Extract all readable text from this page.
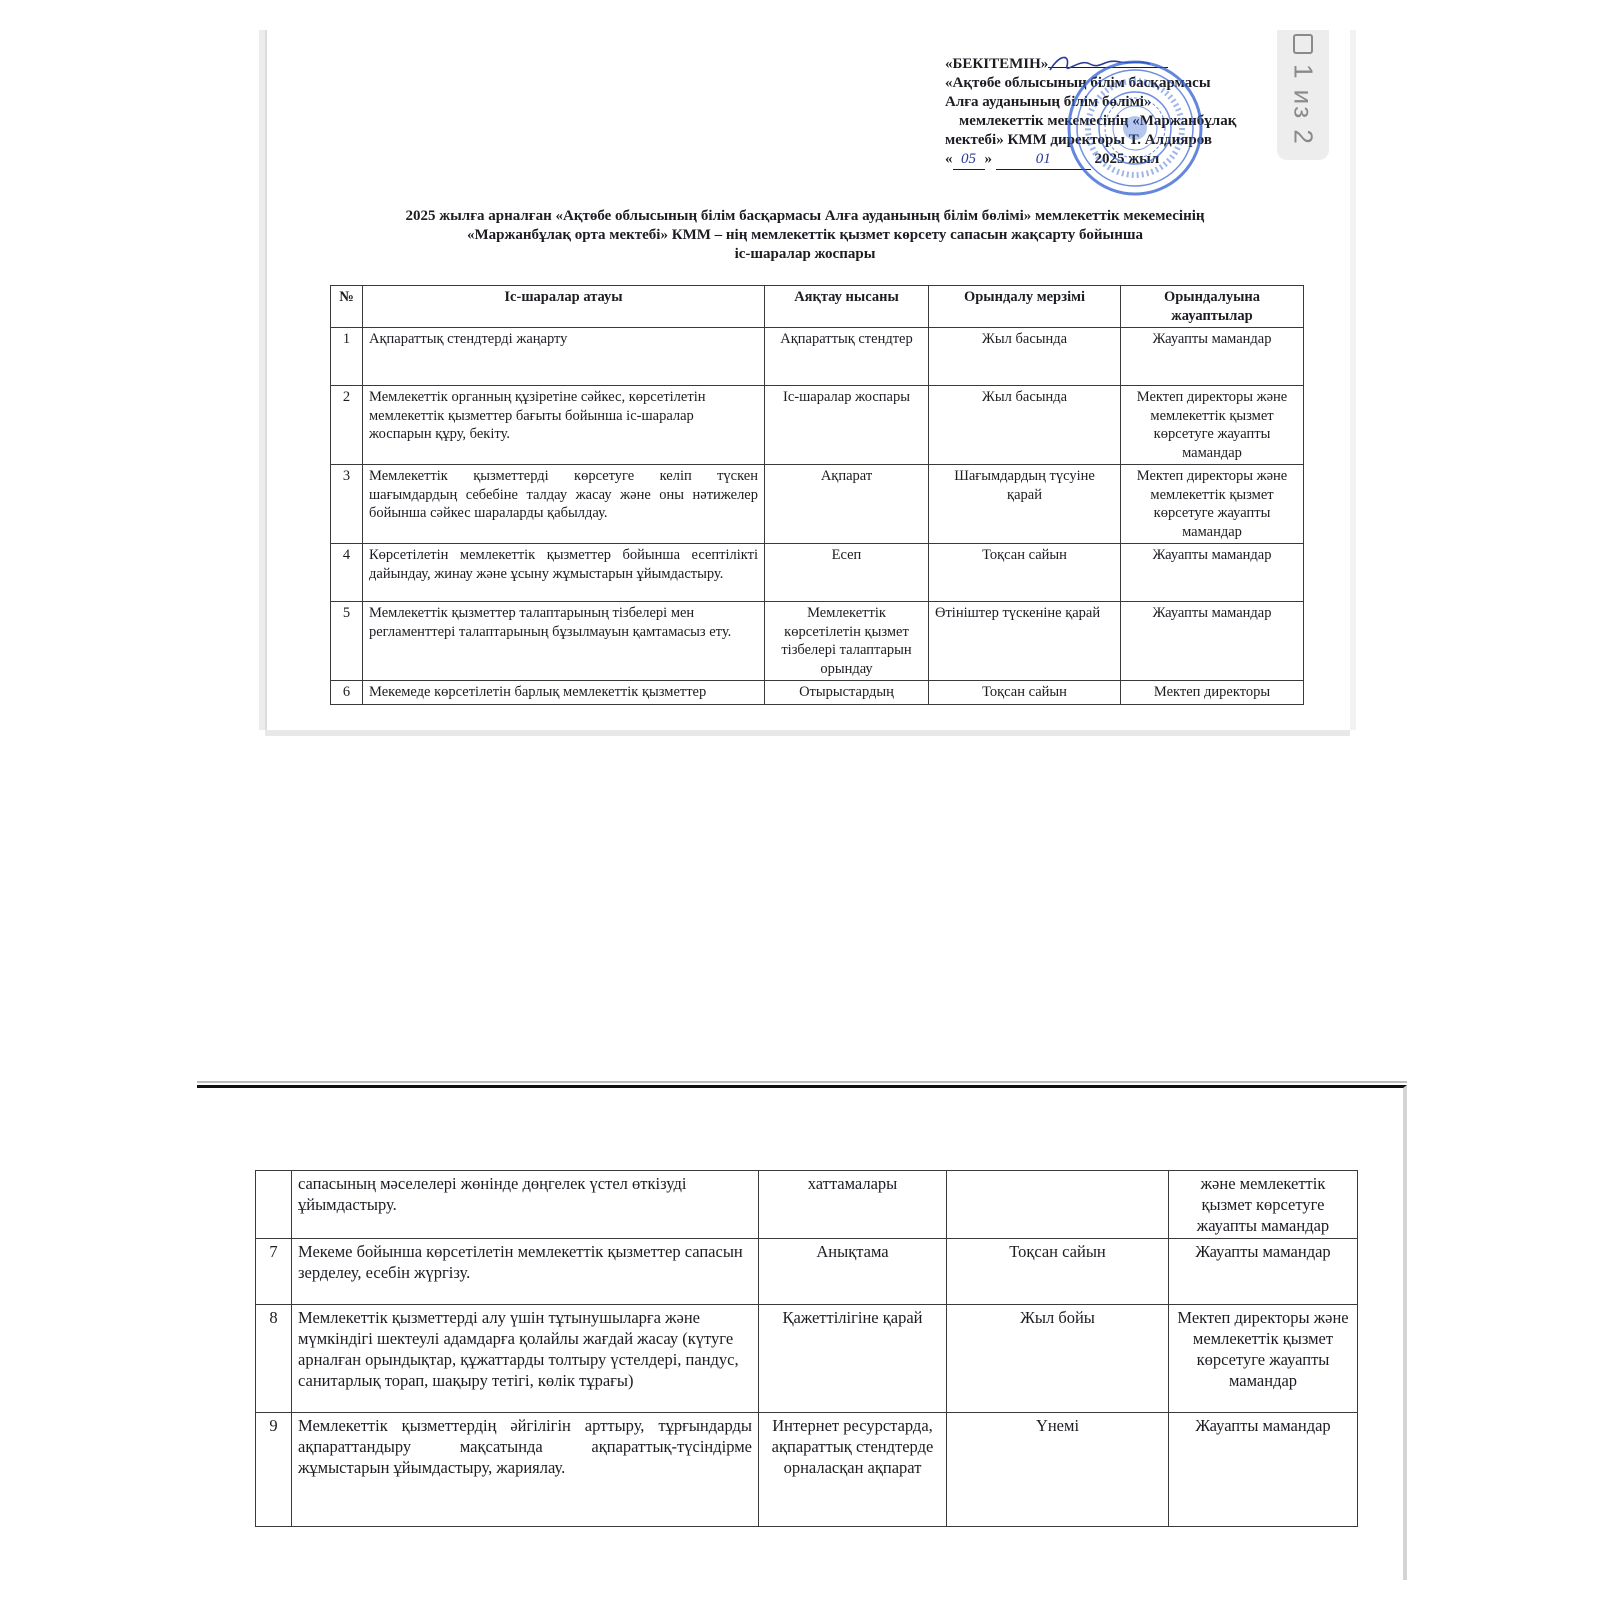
1 из 2
«БЕКІТЕМІН»
«Ақтөбе облысының білім басқармасы
Алға ауданының білім бөлімі»
мемлекеттік мекемесінің «Маржанбұлақ
мектебі» КММ директоры Т. Алдияров
« 05 »	01	2025 жыл
2025 жылға арналған «Ақтөбе облысының білім басқармасы Алға ауданының білім бөлімі» мемлекеттік мекемесінің
«Маржанбұлақ орта мектебі» КММ – нің мемлекеттік қызмет көрсету сапасын жақсарту бойынша
іс-шаралар жоспары
№	Іс-шаралар атауы	Аяқтау нысаны	Орындалу мерзімі	Орындалуына жауаптылар
1	Ақпараттық стендтерді жаңарту	Ақпараттық стендтер	Жыл басында	Жауапты мамандар
2	Мемлекеттік органның құзіретіне сәйкес, көрсетілетін мемлекеттік қызметтер бағыты бойынша іс-шаралар жоспарын құру, бекіту.	Іс-шаралар жоспары	Жыл басында	Мектеп директоры және мемлекеттік қызмет көрсетуге жауапты мамандар
3	Мемлекеттік қызметтерді көрсетуге келіп түскен шағымдардың себебіне талдау жасау және оны нәтижелер бойынша сәйкес шараларды қабылдау.	Ақпарат	Шағымдардың түсуіне қарай	Мектеп директоры және мемлекеттік қызмет көрсетуге жауапты мамандар
4	Көрсетілетін мемлекеттік қызметтер бойынша есептілікті дайындау, жинау және ұсыну жұмыстарын ұйымдастыру.	Есеп	Тоқсан сайын	Жауапты мамандар
5	Мемлекеттік қызметтер талаптарының тізбелері мен регламенттері талаптарының бұзылмауын қамтамасыз ету.	Мемлекеттік көрсетілетін қызмет тізбелері талаптарын орындау	Өтініштер түскеніне қарай	Жауапты мамандар
6	Мекемеде көрсетілетін барлық мемлекеттік қызметтер	Отырыстардың	Тоқсан сайын	Мектеп директоры
	сапасының мәселелері жөнінде дөңгелек үстел өткізуді ұйымдастыру.	хаттамалары		және мемлекеттік қызмет көрсетуге жауапты мамандар
7	Мекеме бойынша көрсетілетін мемлекеттік қызметтер сапасын зерделеу, есебін жүргізу.	Анықтама	Тоқсан сайын	Жауапты мамандар
8	Мемлекеттік қызметтерді алу үшін тұтынушыларға және мүмкіндігі шектеулі адамдарға қолайлы жағдай жасау (күтуге арналған орындықтар, құжаттарды толтыру үстелдері, пандус, санитарлық торап, шақыру тетігі, көлік тұрағы)	Қажеттілігіне қарай	Жыл бойы	Мектеп директоры және мемлекеттік қызмет көрсетуге жауапты мамандар
9	Мемлекеттік қызметтердің әйгілігін арттыру, тұрғындарды ақпараттандыру мақсатында ақпараттық-түсіндірме жұмыстарын ұйымдастыру, жариялау.	Интернет ресурстарда, ақпараттық стендтерде орналасқан ақпарат	Үнемі	Жауапты мамандар
